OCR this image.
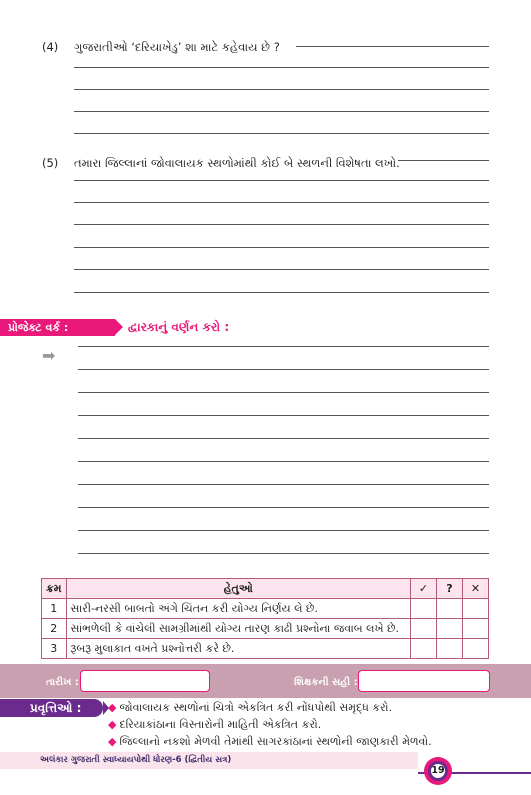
(4) ગુજરાતીઓ ‘દરિયાખેડુ’ શા માટે કહેવાય છે ?
(5) તમારા જિલ્લાનાં જોવાલાયક સ્થળોમાંથી કોઈ બે સ્થળની વિશેષતા લખો.
પ્રોજેક્ટ વર્ક :	દ્વારકાનું વર્ણન કરો :
➡
ક્રમ	હેતુઓ	✓	?	✕
1	સારી-નરસી બાબતો અંગે ચિંતન કરી યોગ્ય નિર્ણય લે છે.			
2	સાંભળેલી કે વાંચેલી સામગ્રીમાંથી યોગ્ય તારણ કાઢી પ્રશ્નોના જવાબ લખે છે.			
3	રૂબરૂ મુલાકાત વખતે પ્રશ્નોત્તરી કરે છે.			
તારીખ :	શિક્ષકની સહી :
પ્રવૃત્તિઓ :	◆ જોવાલાયક સ્થળોનાં ચિત્રો એકત્રિત કરી નોંધપોથી સમૃદ્ધ કરો.
◆ દરિયાકાંઠાના વિસ્તારોની માહિતી એકત્રિત કરો.
◆ જિલ્લાનો નકશો મેળવી તેમાંથી સાગરકાંઠાનાં સ્થળોની જાણકારી મેળવો.
અલંકાર ગુજરાતી સ્વાધ્યાયપોથી ધોરણ-6 (દ્વિતીય સત્ર)
19
